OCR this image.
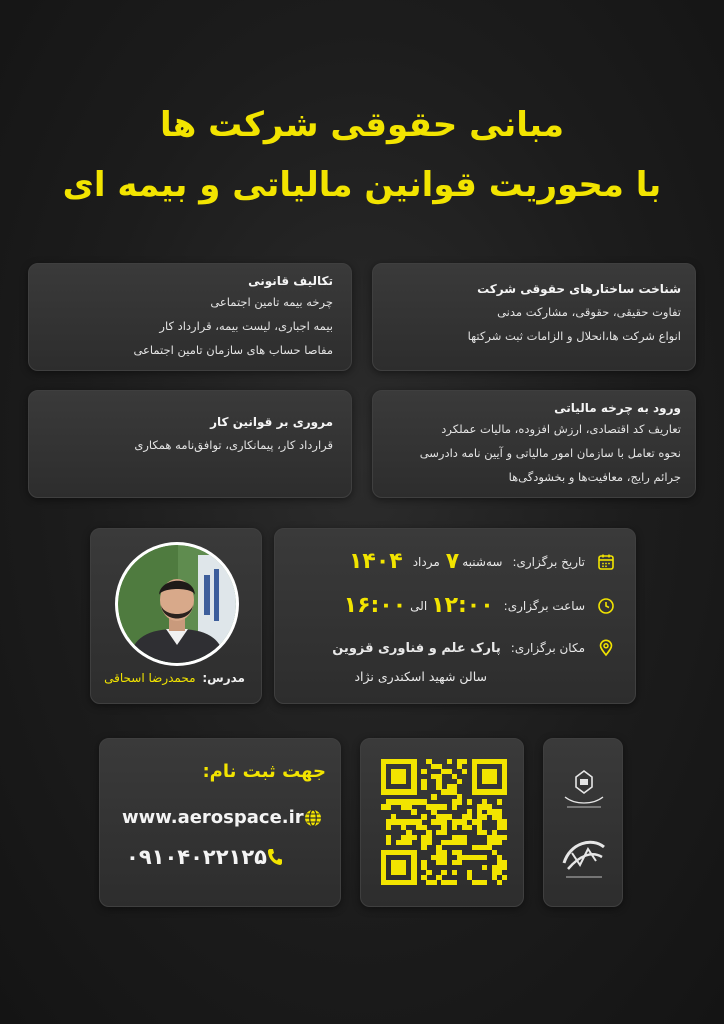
مبانی حقوقی شرکت ها
با محوریت قوانین مالیاتی و بیمه ای
شناخت ساختارهای حقوقی شرکت
تفاوت حقیقی، حقوقی، مشارکت مدنی
انواع شرکت ها،انحلال و الزامات ثبت شرکتها
تکالیف قانونی
چرخه بیمه تامین اجتماعی
بیمه اجباری، لیست بیمه، قرارداد کار
مفاصا حساب های سازمان تامین اجتماعی
ورود به چرخه مالیاتی
تعاریف کد اقتصادی، ارزش افزوده، مالیات عملکرد
نحوه تعامل با سازمان امور مالیاتی و آیین نامه دادرسی
جرائم رایج، معافیت‌ها و بخشودگی‌ها
مروری بر قوانین کار
قرارداد کار، پیمانکاری، توافق‌نامه همکاری
تاریخ برگزاری:
سه‌شنبه
۷
مرداد
۱۴۰۴
ساعت برگزاری:
۱۲:۰۰
الی
۱۶:۰۰
مکان برگزاری:
پارک علم و فناوری قزوین
سالن شهید اسکندری نژاد
مدرس: محمدرضا اسحاقی
جهت ثبت نام:
www.aerospace.ir
۰۹۱۰۴۰۲۲۱۲۵
